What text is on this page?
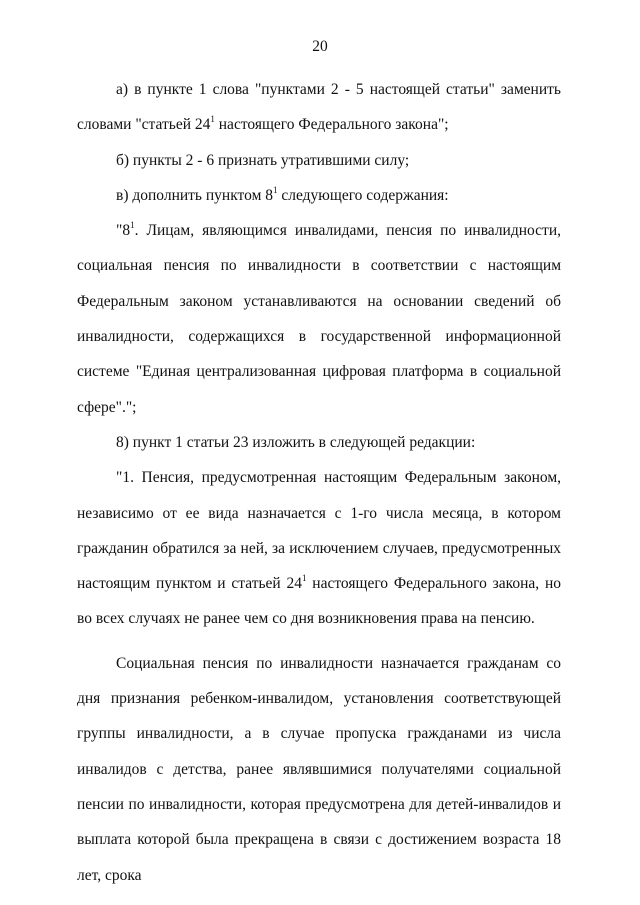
20

а) в пункте 1 слова "пунктами 2 - 5 настоящей статьи" заменить словами "статьей $24^1$ настоящего Федерального закона";

б) пункты 2 - 6 признать утратившими силу;

в) дополнить пунктом $8^1$ следующего содержания:

"$8^1$. Лицам, являющимся инвалидами, пенсия по инвалидности, социальная пенсия по инвалидности в соответствии с настоящим Федеральным законом устанавливаются на основании сведений об инвалидности, содержащихся в государственной информационной системе "Единая централизованная цифровая платформа в социальной сфере".";

8) пункт 1 статьи 23 изложить в следующей редакции:

"1. Пенсия, предусмотренная настоящим Федеральным законом, независимо от ее вида назначается с 1-го числа месяца, в котором гражданин обратился за ней, за исключением случаев, предусмотренных настоящим пунктом и статьей $24^1$ настоящего Федерального закона, но во всех случаях не ранее чем со дня возникновения права на пенсию.

Социальная пенсия по инвалидности назначается гражданам со дня признания ребенком-инвалидом, установления соответствующей группы инвалидности, а в случае пропуска гражданами из числа инвалидов с детства, ранее являвшимися получателями социальной пенсии по инвалидности, которая предусмотрена для детей-инвалидов и выплата которой была прекращена в связи с достижением возраста 18 лет, срока
